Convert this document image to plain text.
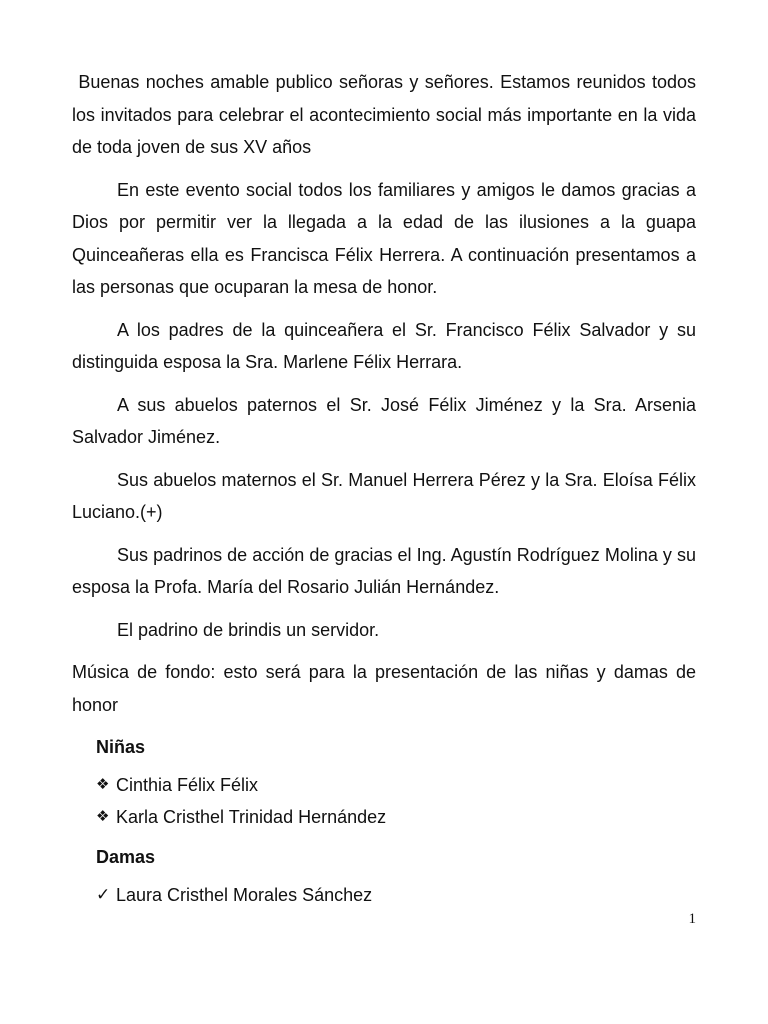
Buenas noches amable publico señoras y señores. Estamos reunidos todos los invitados para celebrar el acontecimiento social más importante en la vida de toda joven de sus XV años

En este evento social todos los familiares y amigos le damos gracias a Dios por permitir ver la llegada a la edad de las ilusiones a la guapa Quinceañeras ella es Francisca Félix Herrera. A continuación presentamos a las personas que ocuparan la mesa de honor.

A los padres de la quinceañera el Sr. Francisco Félix Salvador y su distinguida esposa la Sra. Marlene Félix Herrara.

A sus abuelos paternos el Sr. José Félix Jiménez y la Sra. Arsenia Salvador Jiménez.

Sus abuelos maternos el Sr. Manuel Herrera Pérez y la Sra. Eloísa Félix Luciano.(+)

Sus padrinos de acción de gracias el Ing. Agustín Rodríguez Molina y su esposa la Profa. María del Rosario Julián Hernández.

El padrino de brindis un servidor.

Música de fondo: esto será para la presentación de las niñas y damas de honor

Niñas
❖ Cinthia Félix Félix
❖ Karla Cristhel Trinidad Hernández
Damas
✓ Laura Cristhel Morales Sánchez
1
